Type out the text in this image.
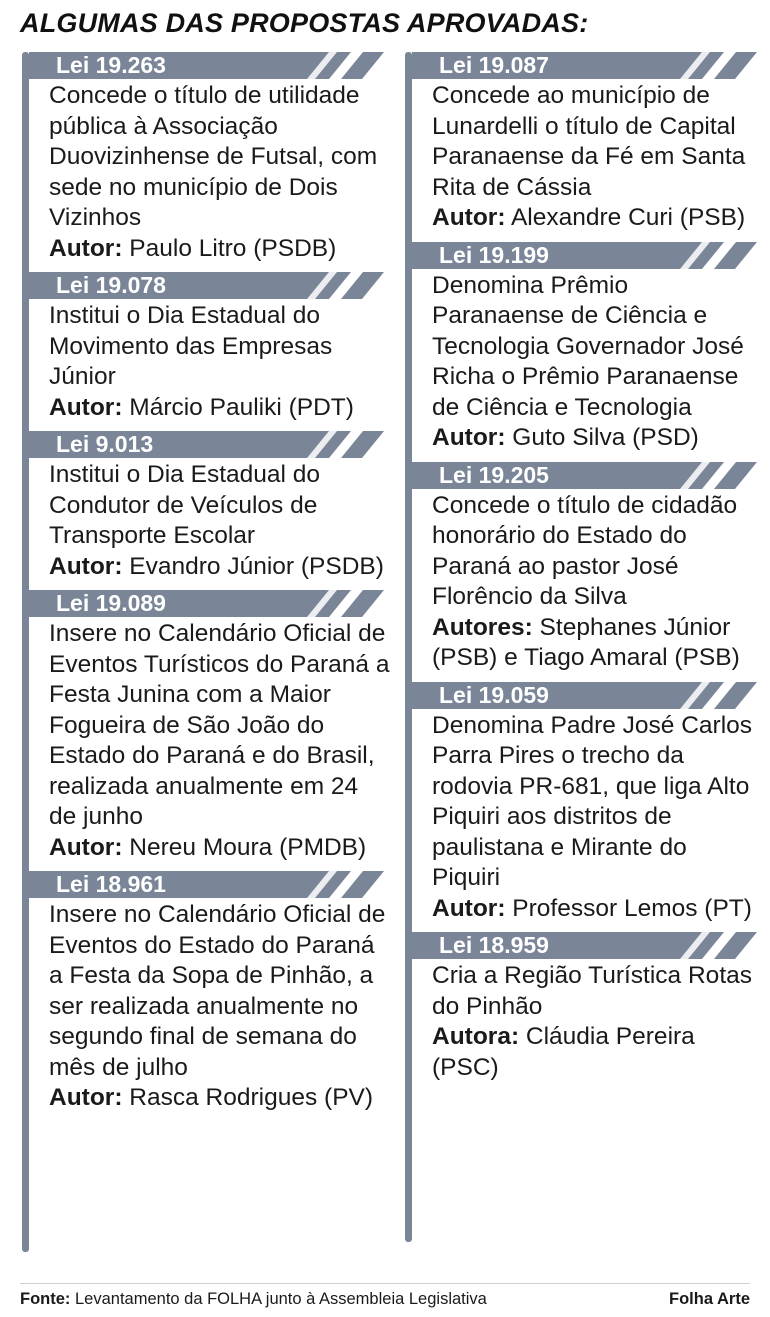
ALGUMAS DAS PROPOSTAS APROVADAS:
Lei 19.263
Concede o título de utilidade pública à Associação Duovizinhense de Futsal, com sede no município de Dois Vizinhos
Autor: Paulo Litro (PSDB)
Lei 19.078
Institui o Dia Estadual do Movimento das Empresas Júnior
Autor: Márcio Pauliki (PDT)
Lei 9.013
Institui o Dia Estadual do Condutor de Veículos de Transporte Escolar
Autor: Evandro Júnior (PSDB)
Lei 19.089
Insere no Calendário Oficial de Eventos Turísticos do Paraná a Festa Junina com a Maior Fogueira de São João do Estado do Paraná e do Brasil, realizada anualmente em 24 de junho
Autor: Nereu Moura (PMDB)
Lei 18.961
Insere no Calendário Oficial de Eventos do Estado do Paraná a Festa da Sopa de Pinhão, a ser realizada anualmente no segundo final de semana do mês de julho
Autor: Rasca Rodrigues (PV)
Lei 19.087
Concede ao município de Lunardelli o título de Capital Paranaense da Fé em Santa Rita de Cássia
Autor: Alexandre Curi (PSB)
Lei 19.199
Denomina Prêmio Paranaense de Ciência e Tecnologia Governador José Richa o Prêmio Paranaense de Ciência e Tecnologia
Autor: Guto Silva (PSD)
Lei 19.205
Concede o título de cidadão honorário do Estado do Paraná ao pastor José Florêncio da Silva
Autores: Stephanes Júnior (PSB) e Tiago Amaral (PSB)
Lei 19.059
Denomina Padre José Carlos Parra Pires o trecho da rodovia PR-681, que liga Alto Piquiri aos distritos de paulistana e Mirante do Piquiri
Autor: Professor Lemos (PT)
Lei 18.959
Cria a Região Turística Rotas do Pinhão
Autora: Cláudia Pereira (PSC)
Fonte: Levantamento da FOLHA junto à Assembleia Legislativa	Folha Arte
